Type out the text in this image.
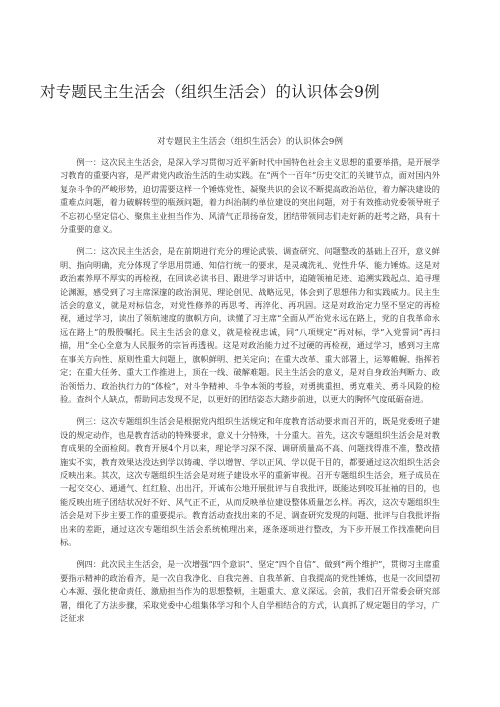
对专题民主生活会（组织生活会）的认识体会9例

对专题民主生活会（组织生活会）的认识体会9例

例一：这次民主生活会，是深入学习贯彻习近平新时代中国特色社会主义思想的重要举措，是开展学习教育的重要内容，是严肃党内政治生活的生动实践。在“两个一百年”历史交汇的关键节点，面对国内外复杂斗争的严峻形势，迫切需要这样一个锤炼党性、凝聚共识的会议不断提高政治站位，着力解决建设的重难点问题，着力破解转型的瓶颈问题，着力纠治制约单位建设的突出问题，对于有效推动党委领导班子不忘初心坚定信心、聚焦主业担当作为、风清气正昂扬奋发，团结带领同志们走好新的赶考之路，具有十分重要的意义。

例二：这次民主生活会，是在前期进行充分的理论武装、调查研究、问题整改的基础上召开，意义鲜明、指向明确，充分体现了学思用贯通、知信行统一的要求，是灵魂洗礼、党性升华、能力锤炼。这是对政治素养厚不厚实的再检视，在回读必读书目、跟进学习讲话中，追随领袖足迹、追溯实践起点、追寻理论渊源，感受到了习主席深邃的政治洞见、理论创见、战略远见，体会到了思想伟力和实践威力。民主生活会的意义，就是对标信念，对党性修养的再思考、再淬化、再巩固。这是对政治定力坚不坚定的再检视，通过学习，读出了领航速度的旗帜方向，读懂了习主席“全面从严治党永远在路上，党的自我革命永远在路上”的殷殷嘱托。民主生活会的意义，就是检视忠诚，同“八项规定”再对标，学“入党誓词”再扫描，用“全心全意为人民服务的宗旨再透视。这是对政治能力过不过硬的再检视，通过学习，感到习主席在事关方向性、原则性重大问题上，旗帜鲜明、把关定向；在重大改革、重大部署上，运筹帷幄、指挥若定；在重大任务、重大工作推进上，顶在一线、破解难题。民主生活会的意义，是对自身政治判断力、政治领悟力、政治执行力的“体检”，对斗争精神、斗争本领的考验，对勇挑重担、勇克难关、勇斗风险的检验。查纠个人缺点，帮助同志发现不足，以更好的团结姿态大踏步前进，以更大的胸怀气度砥砺奋进。

例三：这次专题组织生活会是根据党内组织生活规定和年度教育活动要求而召开的，既是党委班子建设的规定动作，也是教育活动的特殊要求，意义十分特殊，十分重大。首先，这次专题组织生活会是对教育成果的全面检阅。教育开展4个月以来，理论学习深不深、调研质量高不高、问题找得准不准，整改措施实不实，教育效果达没达到学以铸魂、学以增智、学以正风、学以促干目的，都要通过这次组织生活会反映出来。其次，这次专题组织生活会是对班子建设水平的重新审视。召开专题组织生活会，班子成员在一起交交心、通通气、红红脸、出出汗，开诚布公地开展批评与自我批评，既能达到咬耳扯袖的目的，也能反映出班子团结状况好不好、风气正不正，从而反映单位建设整体质量怎么样。再次，这次专题组织生活会是对下步主要工作的重要提示。教育活动查找出来的不足、调查研究发现的问题、批评与自我批评指出来的差距，通过这次专题组织生活会系统梳理出来，逐条逐项进行整改，为下步开展工作找准靶向目标。

例四：此次民主生活会，是一次增强“四个意识”、坚定“四个自信”、做到“两个维护”，贯彻习主席重要指示精神的政治看齐，是一次自我净化、自我完善、自我革新、自我提高的党性锤炼，也是一次回望初心本源、强化使命责任、激励担当作为的思想整顿，主题重大、意义深远。会前，我们召开常委会研究部署，细化了方法步骤，采取党委中心组集体学习和个人自学相结合的方式，认真抓了规定题目的学习，广泛征求
